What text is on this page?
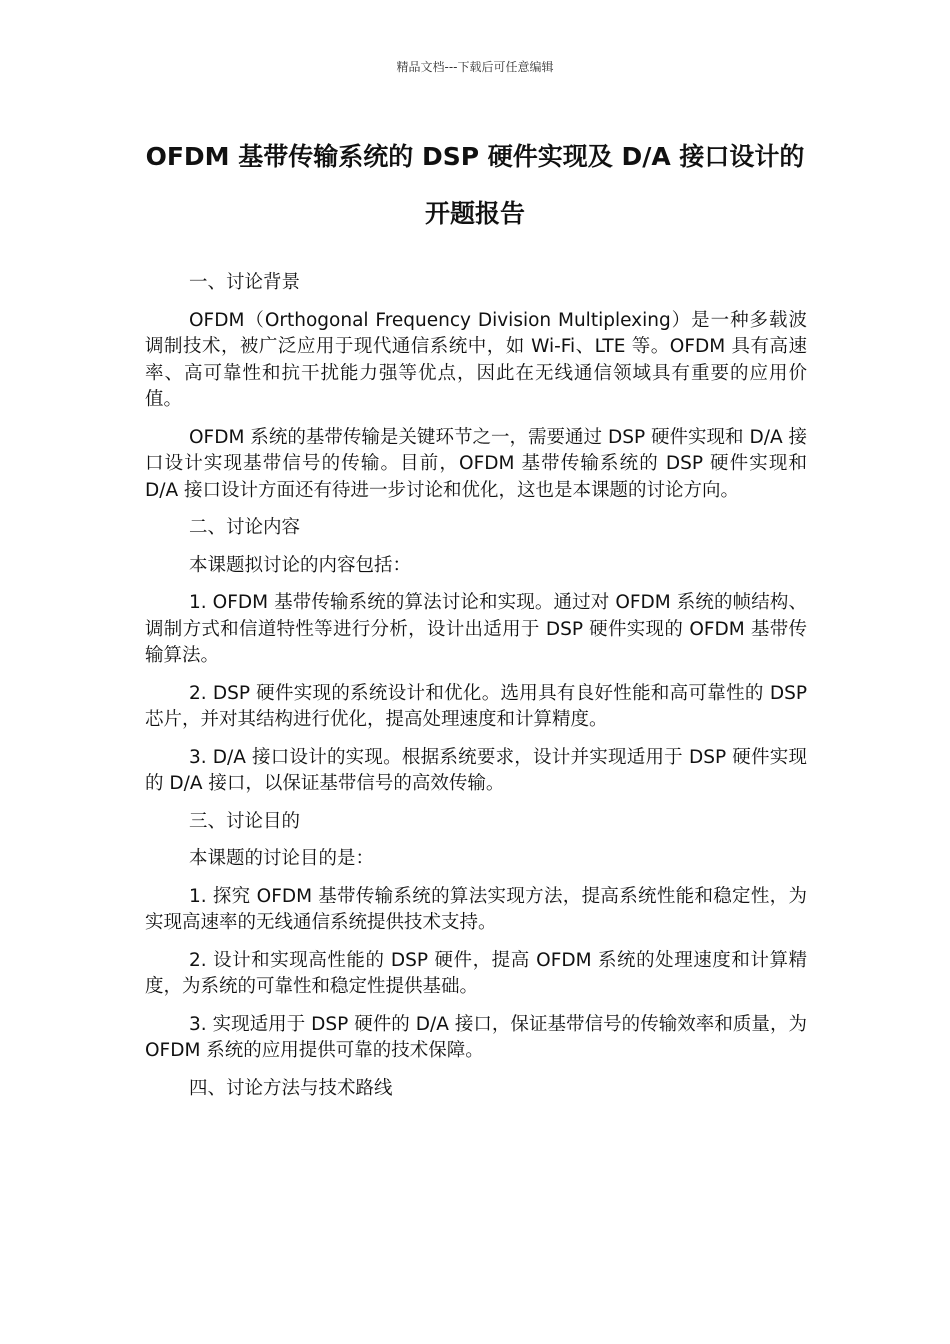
精品文档---下载后可任意编辑
OFDM 基带传输系统的 DSP 硬件实现及 D/A 接口设计的开题报告

一、讨论背景

OFDM（Orthogonal Frequency Division Multiplexing）是一种多载波调制技术，被广泛应用于现代通信系统中，如 Wi-Fi、LTE 等。OFDM 具有高速率、高可靠性和抗干扰能力强等优点，因此在无线通信领域具有重要的应用价值。

OFDM 系统的基带传输是关键环节之一，需要通过 DSP 硬件实现和 D/A 接口设计实现基带信号的传输。目前，OFDM 基带传输系统的 DSP 硬件实现和 D/A 接口设计方面还有待进一步讨论和优化，这也是本课题的讨论方向。

二、讨论内容

本课题拟讨论的内容包括：

1. OFDM 基带传输系统的算法讨论和实现。通过对 OFDM 系统的帧结构、调制方式和信道特性等进行分析，设计出适用于 DSP 硬件实现的 OFDM 基带传输算法。

2. DSP 硬件实现的系统设计和优化。选用具有良好性能和高可靠性的 DSP 芯片，并对其结构进行优化，提高处理速度和计算精度。

3. D/A 接口设计的实现。根据系统要求，设计并实现适用于 DSP 硬件实现的 D/A 接口，以保证基带信号的高效传输。

三、讨论目的

本课题的讨论目的是：

1. 探究 OFDM 基带传输系统的算法实现方法，提高系统性能和稳定性，为实现高速率的无线通信系统提供技术支持。

2. 设计和实现高性能的 DSP 硬件，提高 OFDM 系统的处理速度和计算精度，为系统的可靠性和稳定性提供基础。

3. 实现适用于 DSP 硬件的 D/A 接口，保证基带信号的传输效率和质量，为 OFDM 系统的应用提供可靠的技术保障。

四、讨论方法与技术路线
